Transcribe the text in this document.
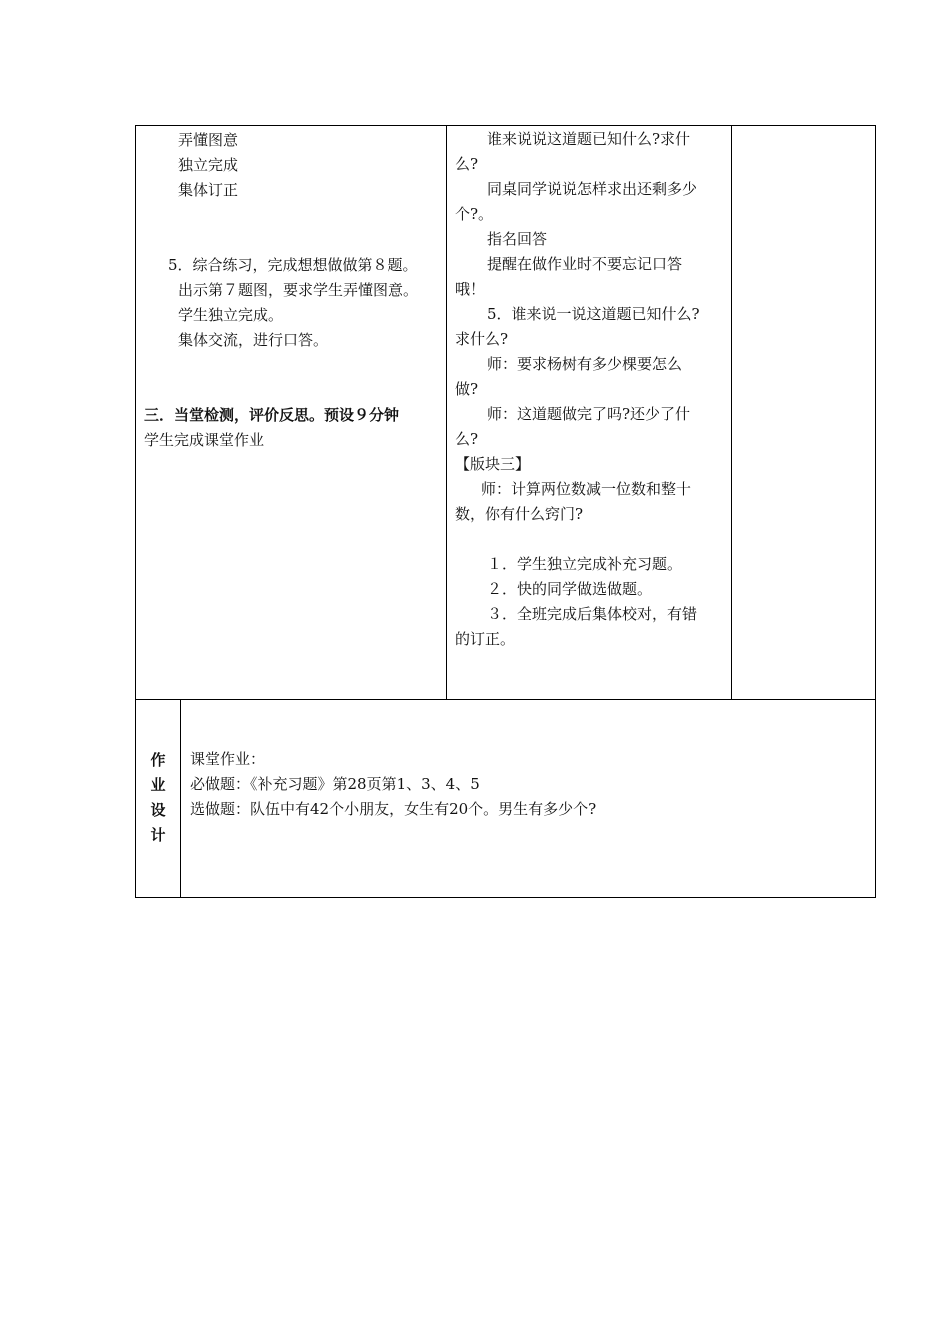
弄懂图意
独立完成
集体订正
5．综合练习，完成想想做做第８题。
出示第７题图，要求学生弄懂图意。
学生独立完成。
集体交流，进行口答。
三．当堂检测，评价反思。预设９分钟
学生完成课堂作业
谁来说说这道题已知什么?求什
么?
同桌同学说说怎样求出还剩多少
个?。
指名回答
提醒在做作业时不要忘记口答
哦！
5．谁来说一说这道题已知什么?
求什么?
师：要求杨树有多少棵要怎么
做?
师：这道题做完了吗?还少了什
么?
【版块三】
师：计算两位数减一位数和整十
数，你有什么窍门?
１．学生独立完成补充习题。
２．快的同学做选做题。
３．全班完成后集体校对，有错
的订正。
作
业
设
计
课堂作业：
必做题：《补充习题》第28页第1、3、4、5
选做题：队伍中有42个小朋友，女生有20个。男生有多少个?
